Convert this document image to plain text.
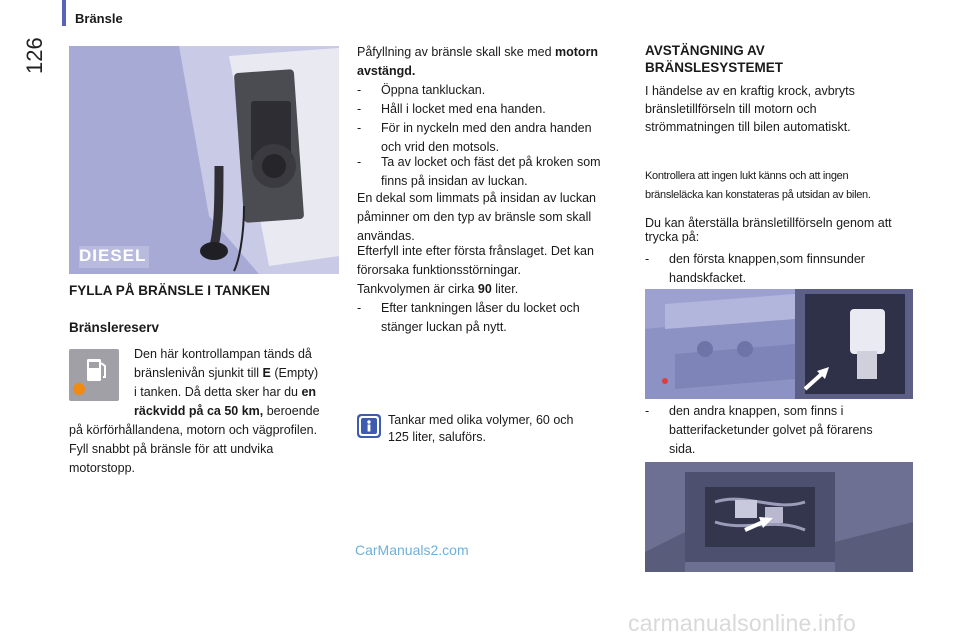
Bränsle
126
DIESEL
FYLLA PÅ BRÄNSLE I TANKEN
Bränslereserv
Den här kontrollampan tänds då
bränslenivån sjunkit till E (Empty)
i tanken. Då detta sker har du en
räckvidd på ca 50 km, beroende
på körförhållandena, motorn och vägprofilen.
Fyll snabbt på bränsle för att undvika
motorstopp.
Påfyllning av bränsle skall ske med motorn
avstängd.
- Öppna tankluckan.
- Håll i locket med ena handen.
- För in nyckeln med den andra handen
och vrid den motsols.
- Ta av locket och fäst det på kroken som
finns på insidan av luckan.
En dekal som limmats på insidan av luckan
påminner om den typ av bränsle som skall
användas.
Efterfyll inte efter första frånslaget. Det kan
förorsaka funktionsstörningar.
Tankvolymen är cirka 90 liter.
- Efter tankningen låser du locket och
stänger luckan på nytt.
Tankar med olika volymer, 60 och
125 liter, saluförs.
CarManuals2.com
AVSTÄNGNING AV
BRÄNSLESYSTEMET
I händelse av en kraftig krock, avbryts
bränsletillförseln till motorn och
strömmatningen till bilen automatiskt.
Kontrollera att ingen lukt känns och att ingen
bränsleläcka kan konstateras på utsidan av bilen.
Du kan återställa bränsletillförseln genom att
trycka på:
- den första knappen,som finnsunder
handskfacket.
- den andra knappen, som finns i
batterifacketunder golvet på förarens
sida.
carmanualsonline.info
